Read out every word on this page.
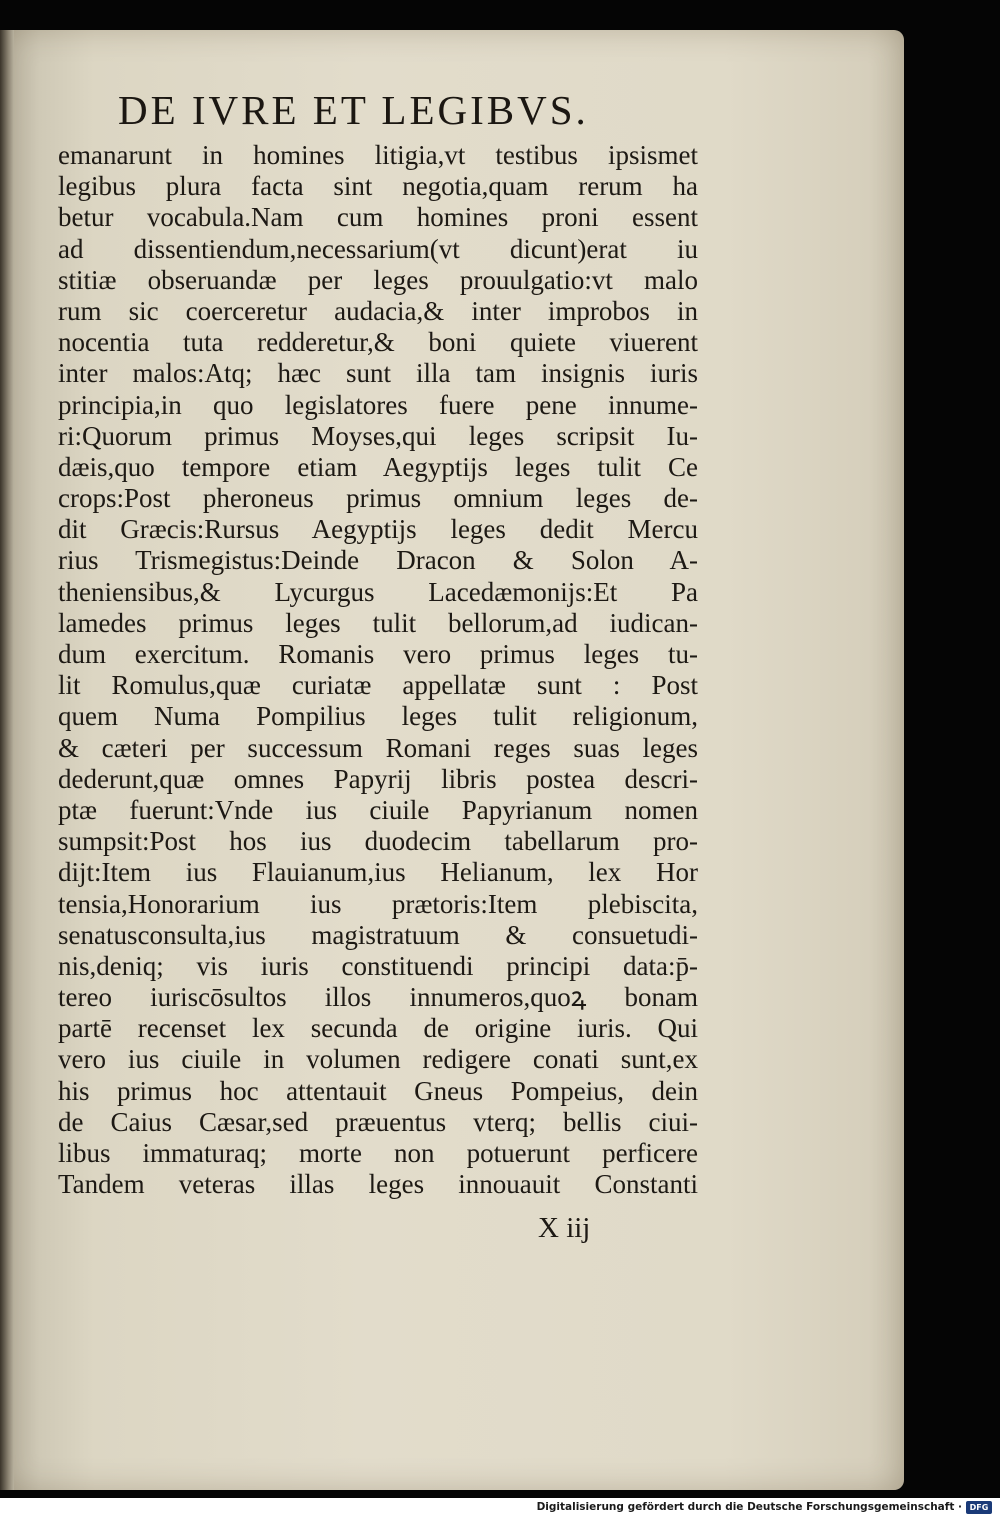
DE IVRE ET LEGIBVS.
emanarunt in homines litigia,vt testibus ipsismet
legibus plura facta sint negotia,quam rerum ha
betur vocabula.Nam cum homines proni essent
ad dissentiendum,necessarium(vt dicunt)erat iu
stitiæ obseruandæ per leges prouulgatio:vt malo
rum sic coerceretur audacia,& inter improbos in
nocentia tuta redderetur,& boni quiete viuerent
inter malos:Atq; hæc sunt illa tam insignis iuris
principia,in quo legislatores fuere pene innume-
ri:Quorum primus Moyses,qui leges scripsit Iu-
dæis,quo tempore etiam Aegyptijs leges tulit Ce
crops:Post pheroneus primus omnium leges de-
dit Græcis:Rursus Aegyptijs leges dedit Mercu
rius Trismegistus:Deinde Dracon & Solon A-
theniensibus,& Lycurgus Lacedæmonijs:Et Pa
lamedes primus leges tulit bellorum,ad iudican-
dum exercitum. Romanis vero primus leges tu-
lit Romulus,quæ curiatæ appellatæ sunt : Post
quem Numa Pompilius leges tulit religionum,
& cæteri per successum Romani reges suas leges
dederunt,quæ omnes Papyrij libris postea descri-
ptæ fuerunt:Vnde ius ciuile Papyrianum nomen
sumpsit:Post hos ius duodecim tabellarum pro-
dijt:Item ius Flauianum,ius Helianum, lex Hor
tensia,Honorarium ius prætoris:Item plebiscita,
senatusconsulta,ius magistratuum & consuetudi-
nis,deniq; vis iuris constituendi principi data:p̄-
tereo iuriscōsultos illos innumeros,quoꝝ bonam
partē recenset lex secunda de origine iuris. Qui
vero ius ciuile in volumen redigere conati sunt,ex
his primus hoc attentauit Gneus Pompeius, dein
de Caius Cæsar,sed præuentus vterq; bellis ciui-
libus immaturaq; morte non potuerunt perficere
Tandem veteras illas leges innouauit Constanti
X iij
Digitalisierung gefördert durch die Deutsche Forschungsgemeinschaft · DFG
